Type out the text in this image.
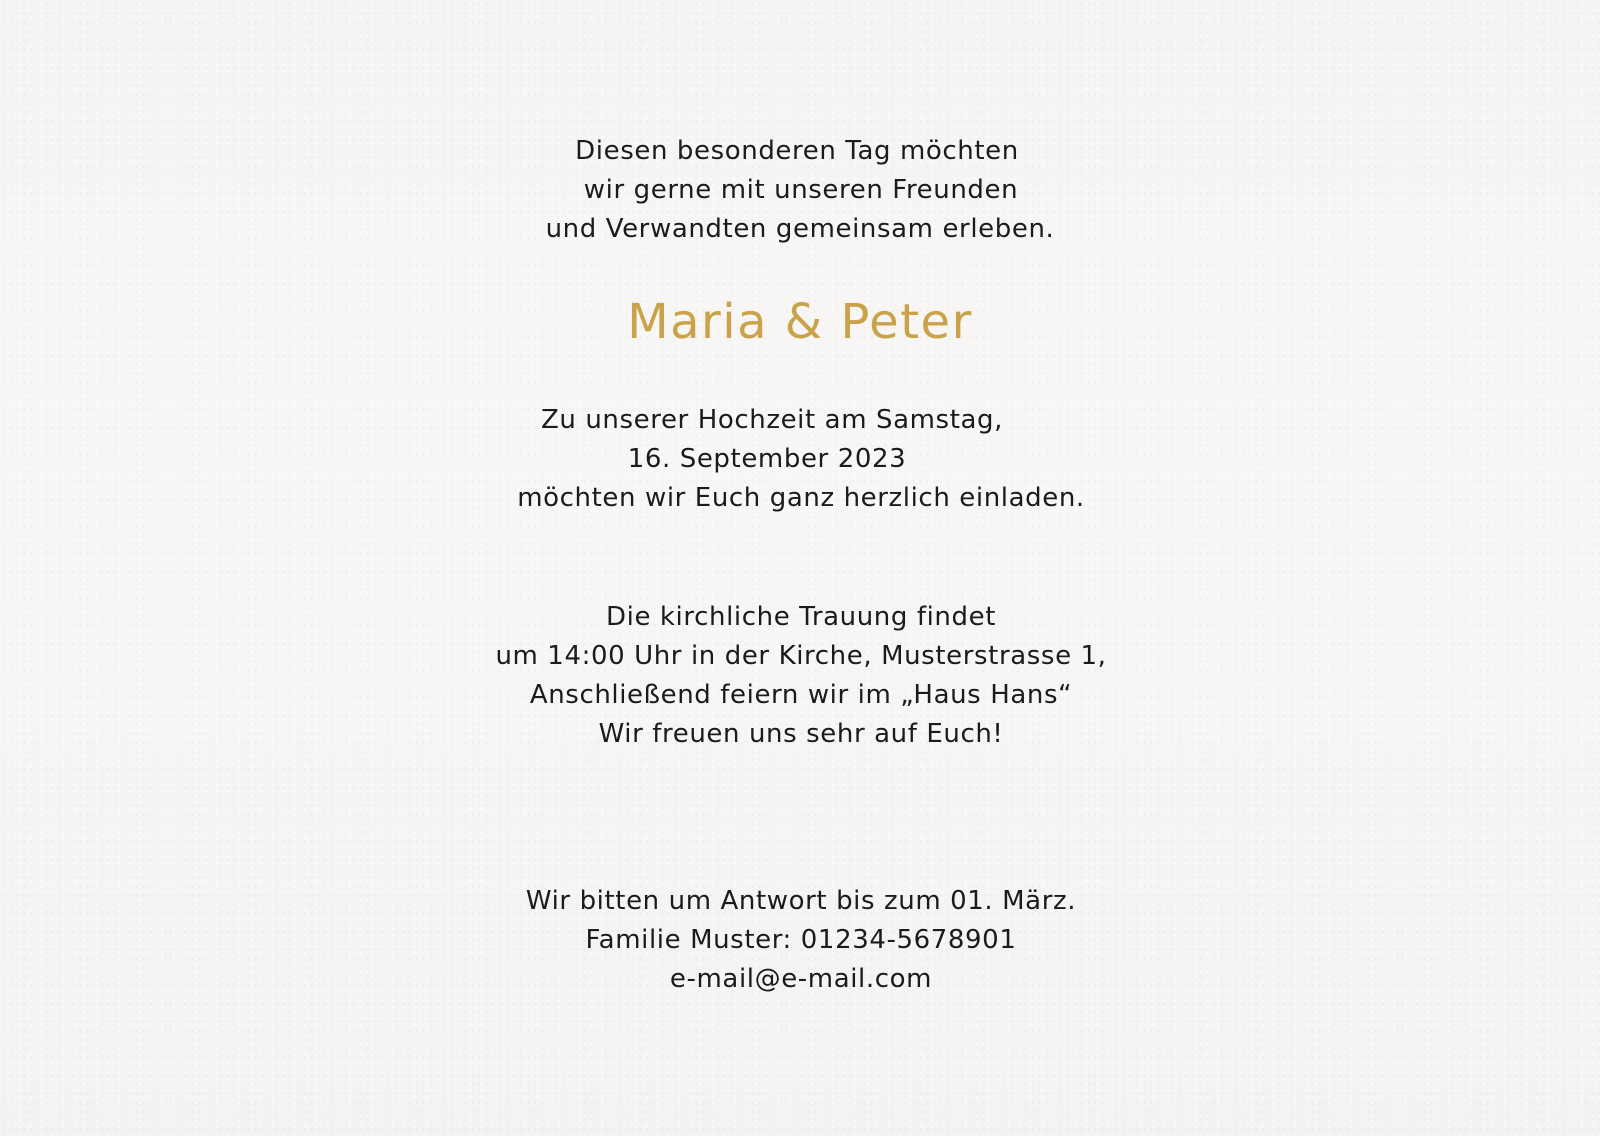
Diesen besonderen Tag möchten

wir gerne mit unseren Freunden

und Verwandten gemeinsam erleben.

Maria & Peter

Zu unserer Hochzeit am Samstag,

16. September 2023

möchten wir Euch ganz herzlich einladen.

Die kirchliche Trauung findet

um 14:00 Uhr in der Kirche, Musterstrasse 1,

Anschließend feiern wir im „Haus Hans“

Wir freuen uns sehr auf Euch!

Wir bitten um Antwort bis zum 01. März.

Familie Muster: 01234-5678901

e-mail@e-mail.com
